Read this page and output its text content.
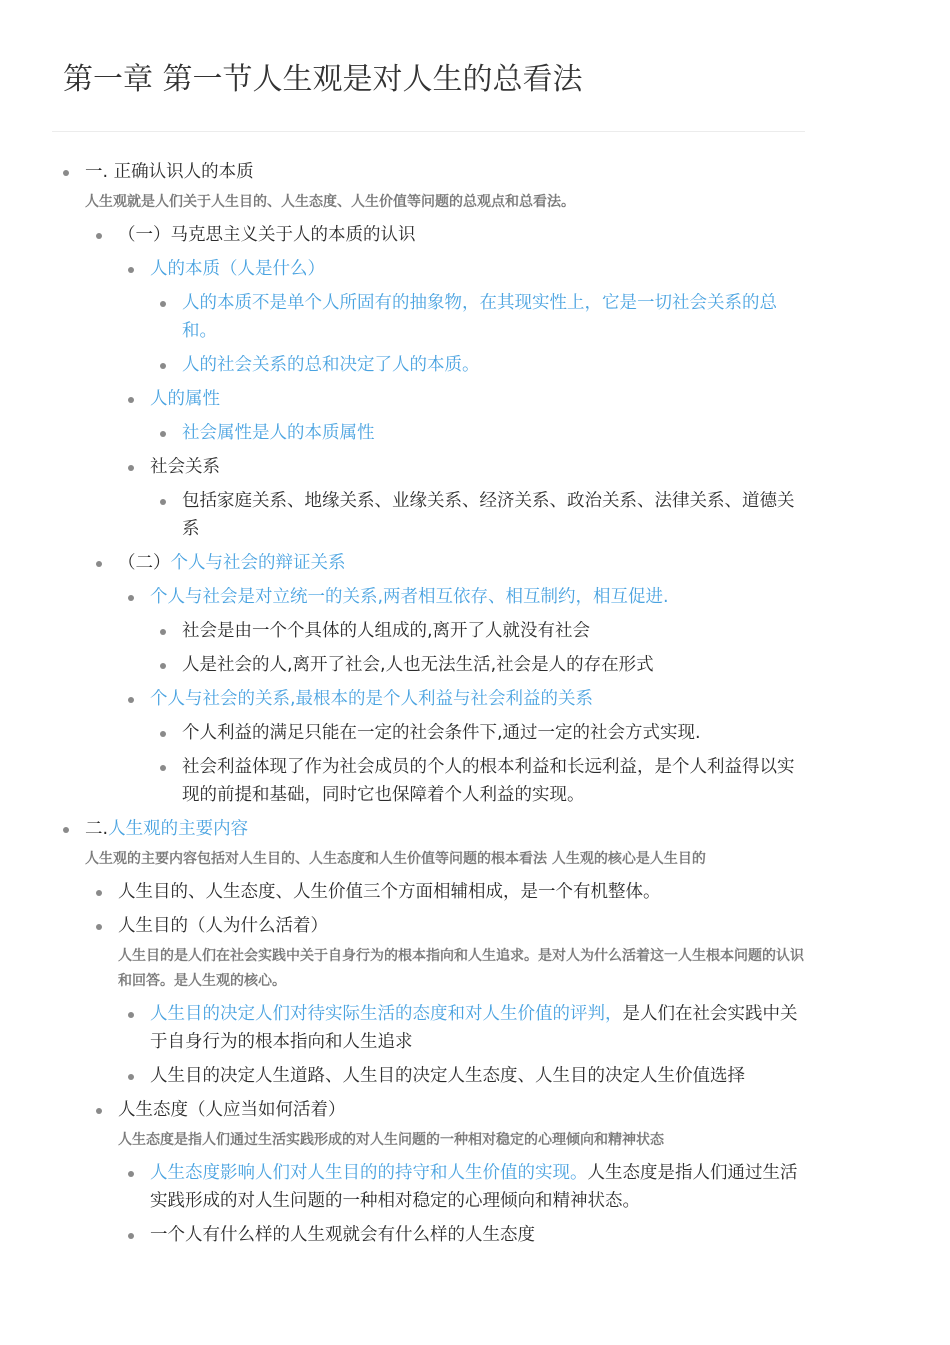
第一章 第一节人生观是对人生的总看法
一. 正确认识人的本质
人生观就是人们关于人生目的、人生态度、人生价值等问题的总观点和总看法。
（一）马克思主义关于人的本质的认识
人的本质（人是什么）
人的本质不是单个人所固有的抽象物，在其现实性上，它是一切社会关系的总和。
人的社会关系的总和决定了人的本质。
人的属性
社会属性是人的本质属性
社会关系
包括家庭关系、地缘关系、业缘关系、经济关系、政治关系、法律关系、道德关系
（二）个人与社会的辩证关系
个人与社会是对立统一的关系,两者相互依存、相互制约，相互促进.
社会是由一个个具体的人组成的,离开了人就没有社会
人是社会的人,离开了社会,人也无法生活,社会是人的存在形式
个人与社会的关系,最根本的是个人利益与社会利益的关系
个人利益的满足只能在一定的社会条件下,通过一定的社会方式实现.
社会利益体现了作为社会成员的个人的根本利益和长远利益，是个人利益得以实现的前提和基础，同时它也保障着个人利益的实现。
二.人生观的主要内容
人生观的主要内容包括对人生目的、人生态度和人生价值等问题的根本看法 人生观的核心是人生目的
人生目的、人生态度、人生价值三个方面相辅相成，是一个有机整体。
人生目的（人为什么活着）
人生目的是人们在社会实践中关于自身行为的根本指向和人生追求。是对人为什么活着这一人生根本问题的认识和回答。是人生观的核心。
人生目的决定人们对待实际生活的态度和对人生价值的评判，是人们在社会实践中关于自身行为的根本指向和人生追求
人生目的决定人生道路、人生目的决定人生态度、人生目的决定人生价值选择
人生态度（人应当如何活着）
人生态度是指人们通过生活实践形成的对人生问题的一种相对稳定的心理倾向和精神状态
人生态度影响人们对人生目的的持守和人生价值的实现。人生态度是指人们通过生活实践形成的对人生问题的一种相对稳定的心理倾向和精神状态。
一个人有什么样的人生观就会有什么样的人生态度
